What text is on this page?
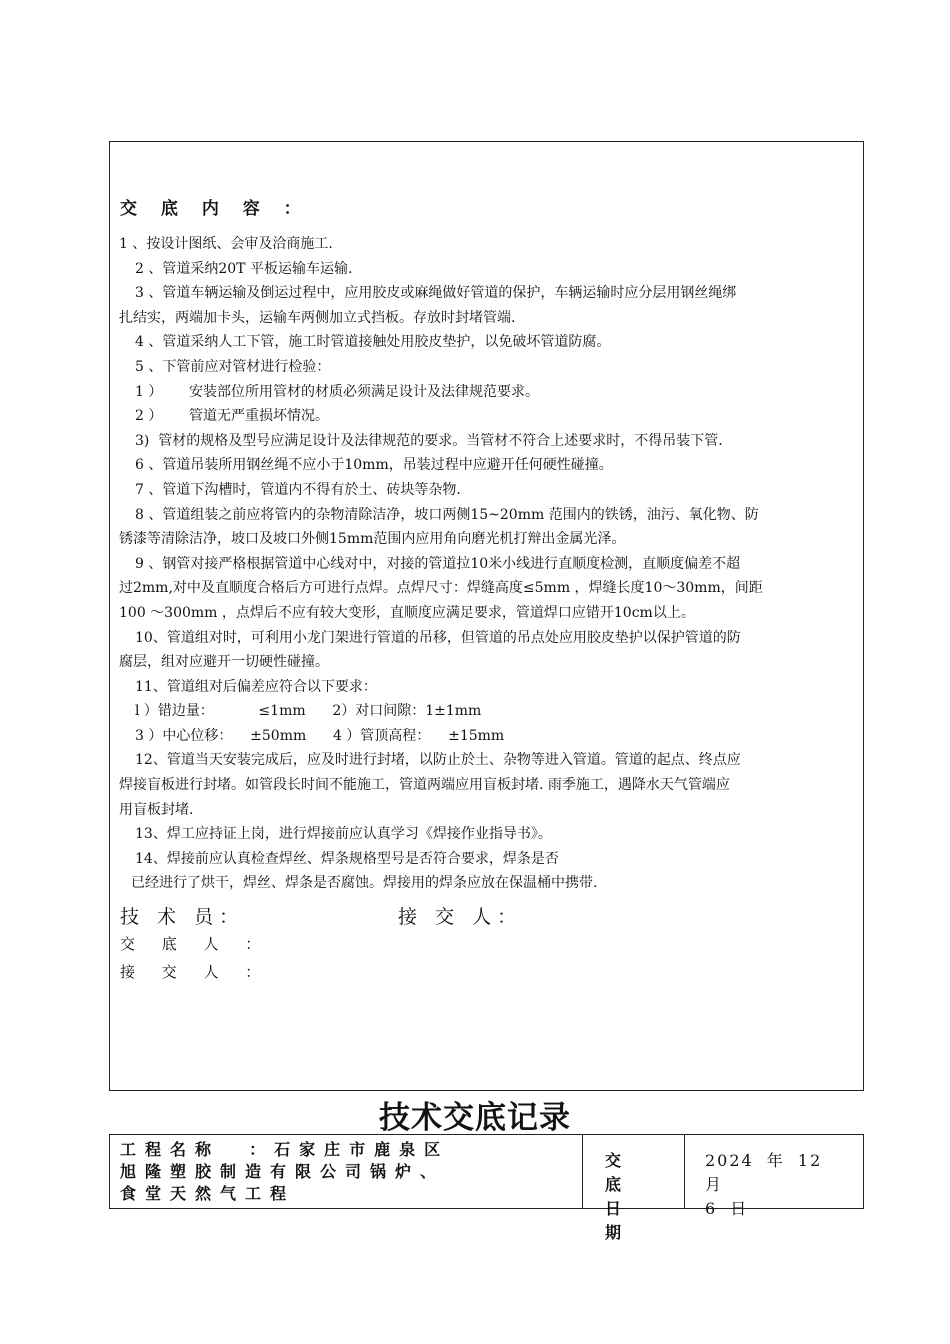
交 底 内 容 ：
1 、按设计图纸、会审及洽商施工.
2 、管道采纳20T 平板运输车运输.
3 、管道车辆运输及倒运过程中，应用胶皮或麻绳做好管道的保护，车辆运输时应分层用钢丝绳绑
扎结实，两端加卡头，运输车两侧加立式挡板。存放时封堵管端.
4 、管道采纳人工下管，施工时管道接触处用胶皮垫护，以免破坏管道防腐。
5 、下管前应对管材进行检验：
1 ）      安装部位所用管材的材质必须满足设计及法律规范要求。
2 ）      管道无严重损坏情况。
3)  管材的规格及型号应满足设计及法律规范的要求。当管材不符合上述要求时，不得吊装下管.
6 、管道吊装所用钢丝绳不应小于10mm，吊装过程中应避开任何硬性碰撞。
7 、管道下沟槽时，管道内不得有於土、砖块等杂物.
8 、管道组装之前应将管内的杂物清除洁净，坡口两侧15~20mm 范围内的铁锈，油污、氧化物、防
锈漆等清除洁净，坡口及坡口外侧15mm范围内应用角向磨光机打辩出金属光泽。
9 、钢管对接严格根据管道中心线对中，对接的管道拉10米小线进行直顺度检测，直顺度偏差不超
过2mm,对中及直顺度合格后方可进行点焊。点焊尺寸：焊缝高度≤5mm ，焊缝长度10～30mm，间距
100 ～300mm ，点焊后不应有较大变形，直顺度应满足要求，管道焊口应错开10cm以上。
10、管道组对时，可利用小龙门架进行管道的吊移，但管道的吊点处应用胶皮垫护以保护管道的防
腐层，组对应避开一切硬性碰撞。
11、管道组对后偏差应符合以下要求：
l ）错边量：          ≤1mm      2）对口间隙：1±1mm
3 ）中心位移：    ±50mm      4 ）管顶高程：    ±15mm
12、管道当天安装完成后，应及时进行封堵，以防止於土、杂物等进入管道。管道的起点、终点应
焊接盲板进行封堵。如管段长时间不能施工，管道两端应用盲板封堵. 雨季施工，遇降水天气管端应
用盲板封堵.
13、焊工应持证上岗，进行焊接前应认真学习《焊接作业指导书》。
14、焊接前应认真检查焊丝、焊条规格型号是否符合要求，焊条是否
已经进行了烘干，焊丝、焊条是否腐蚀。焊接用的焊条应放在保温桶中携带.
技 术 员：	接 交 人：
交 底 人 ：
接 交 人 ：
技术交底记录
工程名称  ：石家庄市鹿泉区
旭隆塑胶制造有限公司锅炉、
食堂天然气工程
交 底
日 期
2024 年 12 月
6 日
